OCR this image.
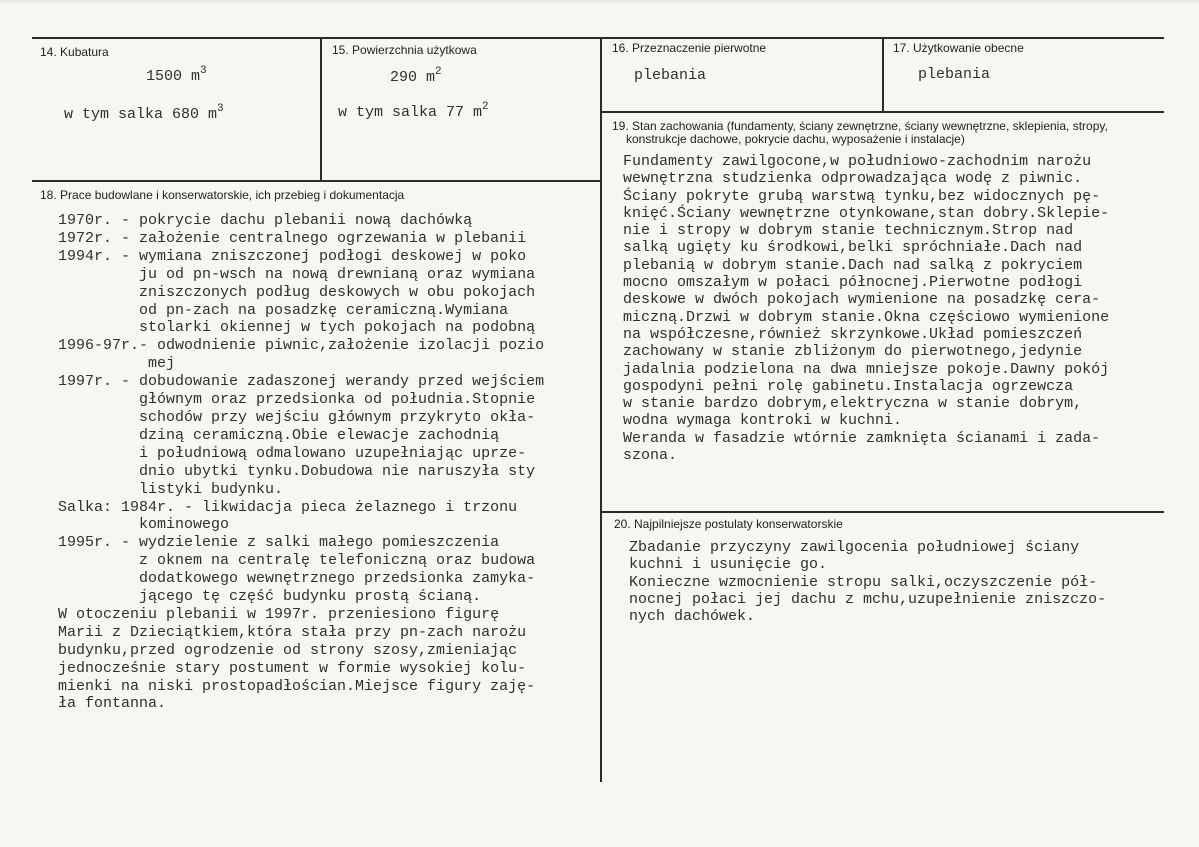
14. Kubatura
1500 $m^3$
w tym salka 680 $m^3$
15. Powierzchnia użytkowa
290 $m^2$
w tym salka 77 $m^2$
16. Przeznaczenie pierwotne
plebania
17. Użytkowanie obecne
plebania
19. Stan zachowania (fundamenty, ściany zewnętrzne, ściany wewnętrzne, sklepienia, stropy,
konstrukcje dachowe, pokrycie dachu, wyposażenie i instalacje)
Fundamenty zawilgocone,w południowo-zachodnim narożu
wewnętrzna studzienka odprowadzająca wodę z piwnic.
Ściany pokryte grubą warstwą tynku,bez widocznych pę-
knięć.Ściany wewnętrzne otynkowane,stan dobry.Sklepie-
nie i stropy w dobrym stanie technicznym.Strop nad
salką ugięty ku środkowi,belki spróchniałe.Dach nad
plebanią w dobrym stanie.Dach nad salką z pokryciem
mocno omszałym w połaci północnej.Pierwotne podłogi
deskowe w dwóch pokojach wymienione na posadzkę cera-
miczną.Drzwi w dobrym stanie.Okna częściowo wymienione
na współczesne,również skrzynkowe.Układ pomieszczeń
zachowany w stanie zbliżonym do pierwotnego,jedynie
jadalnia podzielona na dwa mniejsze pokoje.Dawny pokój
gospodyni pełni rolę gabinetu.Instalacja ogrzewcza
w stanie bardzo dobrym,elektryczna w stanie dobrym,
wodna wymaga kontroki w kuchni.
Weranda w fasadzie wtórnie zamknięta ścianami i zada-
szona.
18. Prace budowlane i konserwatorskie, ich przebieg i dokumentacja
1970r. - pokrycie dachu plebanii nową dachówką
1972r. - założenie centralnego ogrzewania w plebanii
1994r. - wymiana zniszczonej podłogi deskowej w poko
ju od pn-wsch na nową drewnianą oraz wymiana
zniszczonych podług deskowych w obu pokojach
od pn-zach na posadzkę ceramiczną.Wymiana
stolarki okiennej w tych pokojach na podobną
1996-97r.- odwodnienie piwnic,założenie izolacji pozio
mej
1997r. - dobudowanie zadaszonej werandy przed wejściem
głównym oraz przedsionka od południa.Stopnie
schodów przy wejściu głównym przykryto okła-
dziną ceramiczną.Obie elewacje zachodnią
i południową odmalowano uzupełniając uprze-
dnio ubytki tynku.Dobudowa nie naruszyła sty
listyki budynku.
Salka: 1984r. - likwidacja pieca żelaznego i trzonu
kominowego
1995r. - wydzielenie z salki małego pomieszczenia
z oknem na centralę telefoniczną oraz budowa
dodatkowego wewnętrznego przedsionka zamyka-
jącego tę część budynku prostą ścianą.
W otoczeniu plebanii w 1997r. przeniesiono figurę
Marii z Dzieciątkiem,która stała przy pn-zach narożu
budynku,przed ogrodzenie od strony szosy,zmieniając
jednocześnie stary postument w formie wysokiej kolu-
mienki na niski prostopadłościan.Miejsce figury zaję-
ła fontanna.
20. Najpilniejsze postulaty konserwatorskie
Zbadanie przyczyny zawilgocenia południowej ściany
kuchni i usunięcie go.
Konieczne wzmocnienie stropu salki,oczyszczenie pół-
nocnej połaci jej dachu z mchu,uzupełnienie zniszczo-
nych dachówek.
